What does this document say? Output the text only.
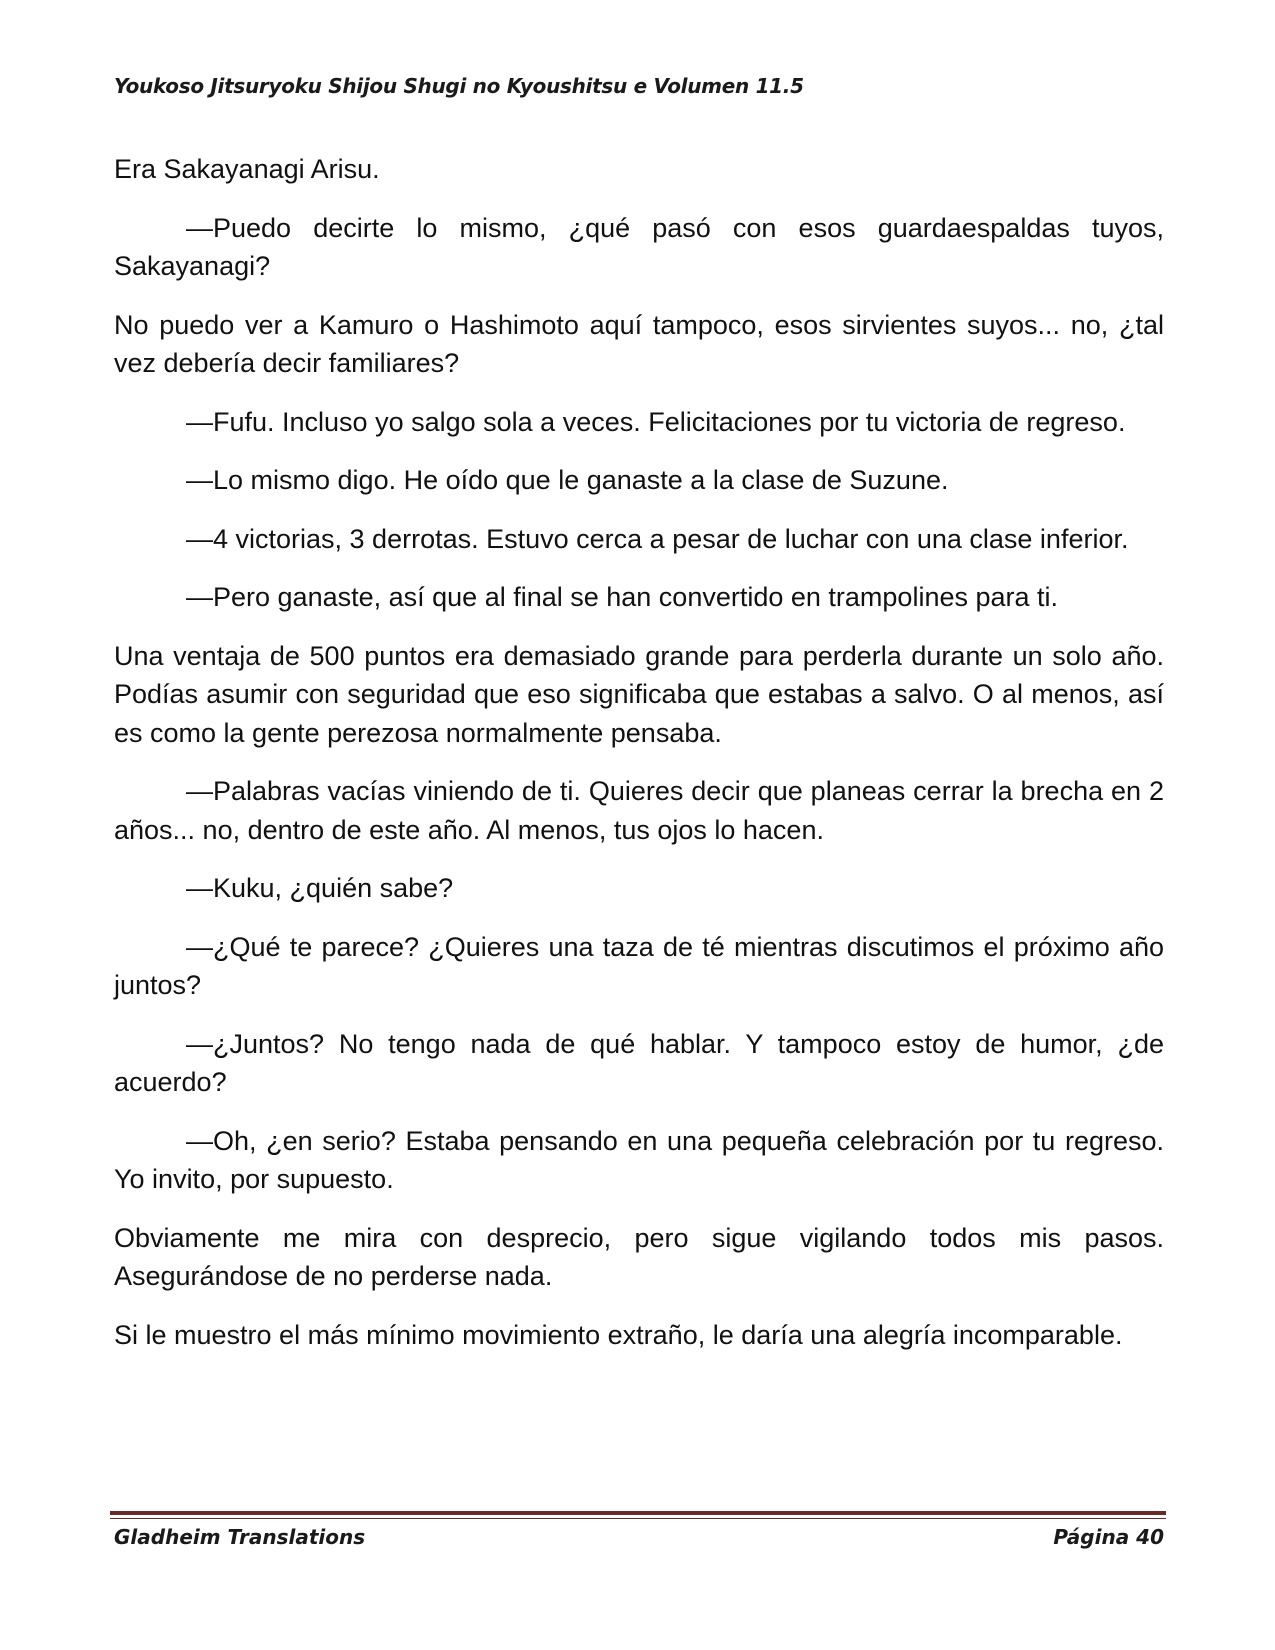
Youkoso Jitsuryoku Shijou Shugi no Kyoushitsu e Volumen 11.5

Era Sakayanagi Arisu.

—Puedo decirte lo mismo, ¿qué pasó con esos guardaespaldas tuyos, Sakayanagi?

No puedo ver a Kamuro o Hashimoto aquí tampoco, esos sirvientes suyos... no, ¿tal vez debería decir familiares?

—Fufu. Incluso yo salgo sola a veces. Felicitaciones por tu victoria de regreso.

—Lo mismo digo. He oído que le ganaste a la clase de Suzune.

—4 victorias, 3 derrotas. Estuvo cerca a pesar de luchar con una clase inferior.

—Pero ganaste, así que al final se han convertido en trampolines para ti.

Una ventaja de 500 puntos era demasiado grande para perderla durante un solo año. Podías asumir con seguridad que eso significaba que estabas a salvo. O al menos, así es como la gente perezosa normalmente pensaba.

—Palabras vacías viniendo de ti. Quieres decir que planeas cerrar la brecha en 2 años... no, dentro de este año. Al menos, tus ojos lo hacen.

—Kuku, ¿quién sabe?

—¿Qué te parece? ¿Quieres una taza de té mientras discutimos el próximo año juntos?

—¿Juntos? No tengo nada de qué hablar. Y tampoco estoy de humor, ¿de acuerdo?

—Oh, ¿en serio? Estaba pensando en una pequeña celebración por tu regreso. Yo invito, por supuesto.

Obviamente me mira con desprecio, pero sigue vigilando todos mis pasos. Asegurándose de no perderse nada.

Si le muestro el más mínimo movimiento extraño, le daría una alegría incomparable.

Gladheim Translations	Página 40
